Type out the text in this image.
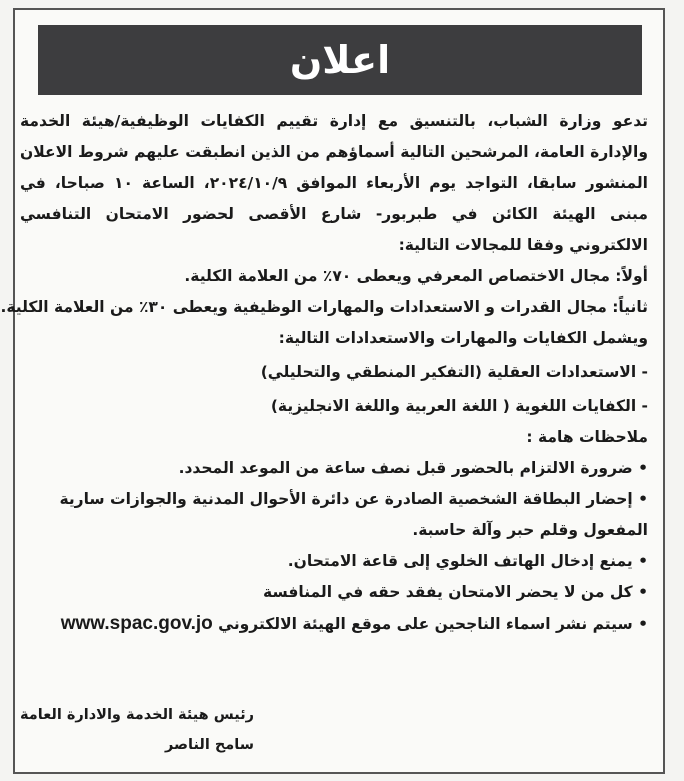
اعلان

تدعو وزارة الشباب، بالتنسيق مع إدارة تقييم الكفايات الوظيفية/هيئة الخدمة والإدارة العامة، المرشحين التالية أسماؤهم من الذين انطبقت عليهم شروط الاعلان المنشور سابقا، التواجد يوم الأربعاء الموافق ٢٠٢٤/١٠/٩، الساعة ١٠ صباحا، في مبنى الهيئة الكائن في طبربور- شارع الأقصى لحضور الامتحان التنافسي الالكتروني وفقا للمجالات التالية:

أولاً: مجال الاختصاص المعرفي ويعطى ٧٠٪ من العلامة الكلية.

ثانياً: مجال القدرات و الاستعدادات والمهارات الوظيفية ويعطى ٣٠٪ من العلامة الكلية.

ويشمل الكفايات والمهارات والاستعدادات التالية:

- الاستعدادات العقلية (التفكير المنطقي والتحليلي)

- الكفايات اللغوية ( اللغة العربية واللغة الانجليزية)

ملاحظات هامة :

• ضرورة الالتزام بالحضور قبل نصف ساعة من الموعد المحدد.

• إحضار البطاقة الشخصية الصادرة عن دائرة الأحوال المدنية والجوازات سارية المفعول وقلم حبر وآلة حاسبة.

• يمنع إدخال الهاتف الخلوي إلى قاعة الامتحان.

• كل من لا يحضر الامتحان يفقد حقه في المنافسة

• سيتم نشر اسماء الناجحين على موقع الهيئة الالكتروني www.spac.gov.jo

رئيس هيئة الخدمة والادارة العامة
سامح الناصر
